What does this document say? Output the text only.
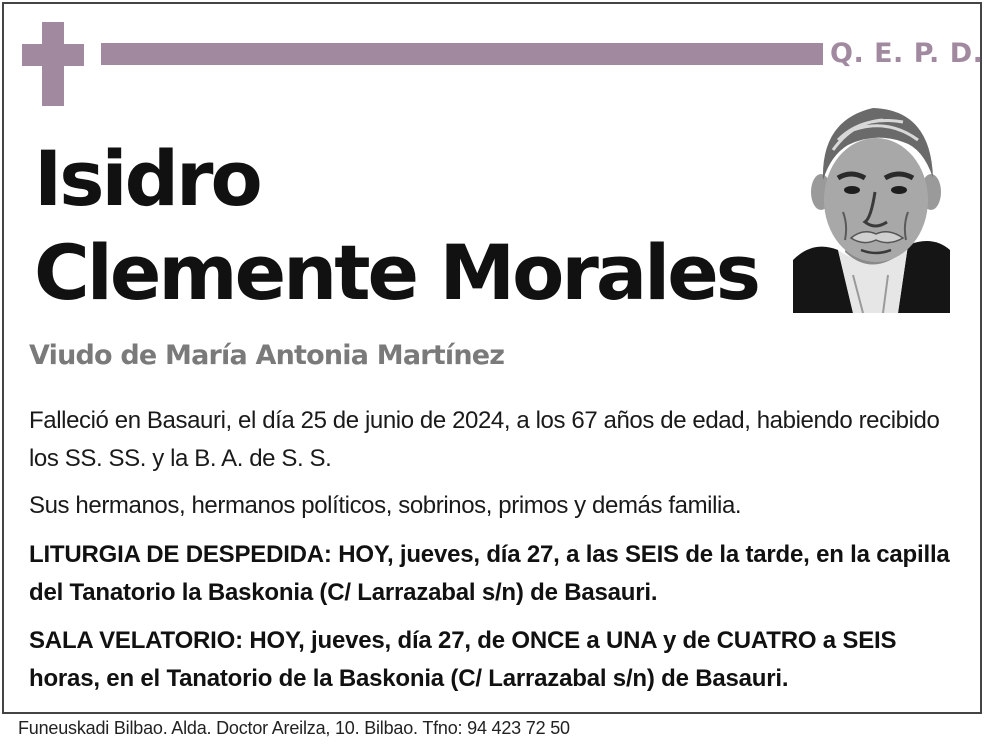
Q. E. P. D.
Isidro
Clemente Morales
Viudo de María Antonia Martínez
Falleció en Basauri, el día 25 de junio de 2024, a los 67 años de edad, habiendo recibido los SS. SS. y la B. A. de S. S.
Sus hermanos, hermanos políticos, sobrinos, primos y demás familia.
LITURGIA DE DESPEDIDA: HOY, jueves, día 27, a las SEIS de la tarde, en la capilla del Tanatorio la Baskonia (C/ Larrazabal s/n) de Basauri.
SALA VELATORIO: HOY, jueves, día 27, de ONCE a UNA y de CUATRO a SEIS horas, en el Tanatorio de la Baskonia (C/ Larrazabal s/n) de Basauri.
Funeuskadi Bilbao. Alda. Doctor Areilza, 10. Bilbao. Tfno: 94 423 72 50
